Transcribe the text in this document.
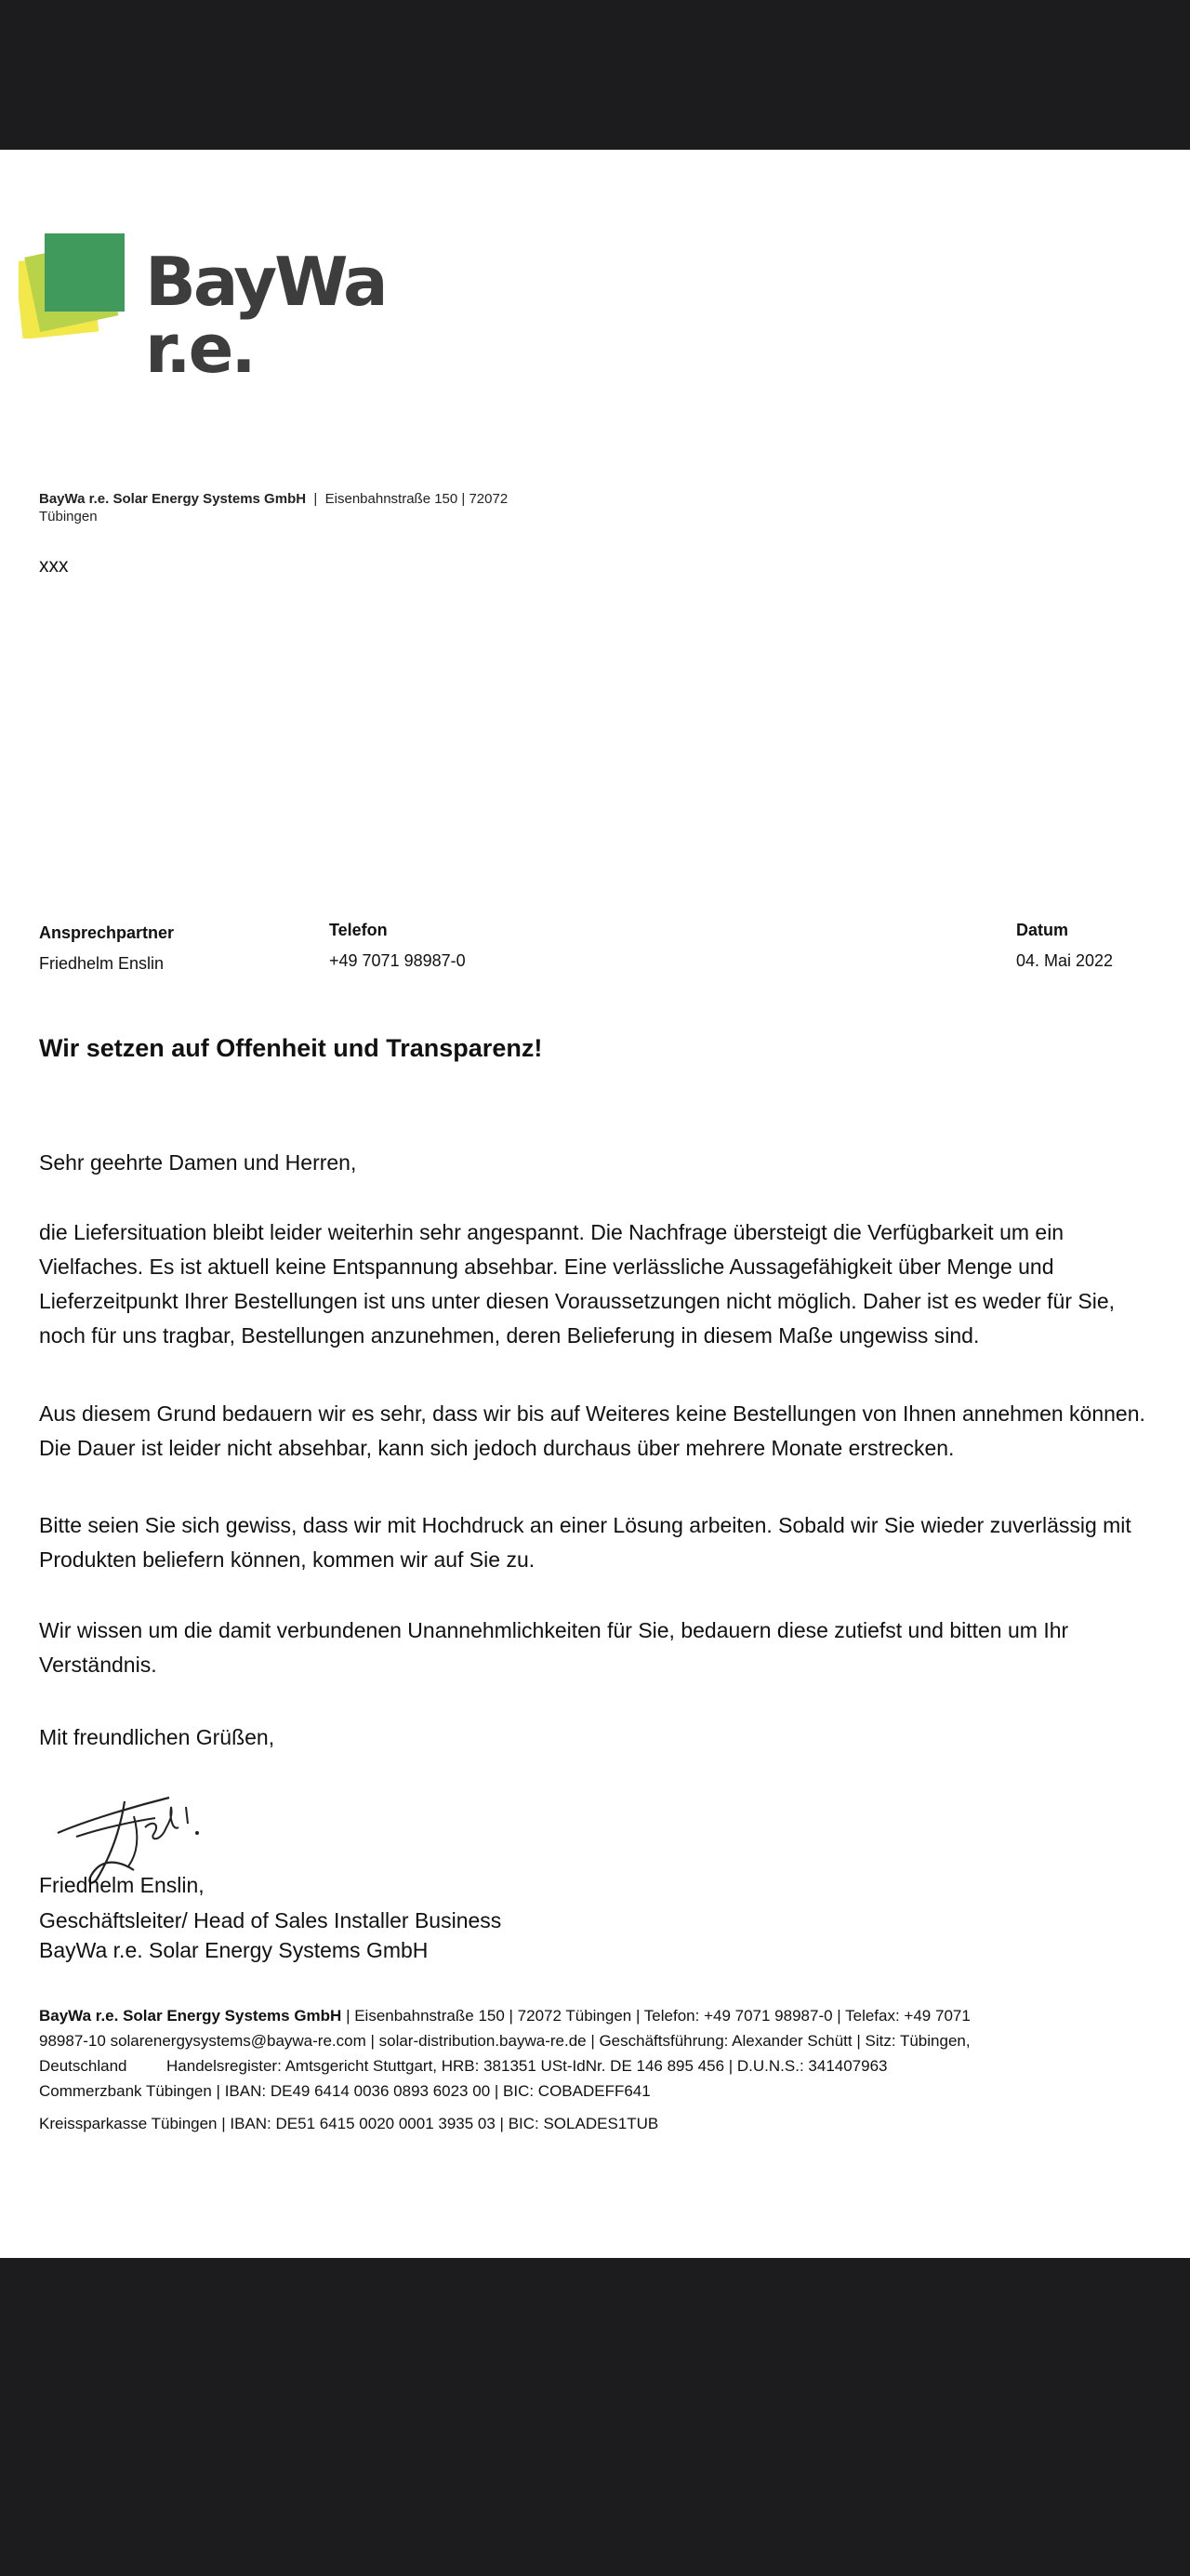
BayWa r.e.
BayWa r.e. Solar Energy Systems GmbH  |  Eisenbahnstraße 150 | 72072
Tübingen
xxx
Ansprechpartner
Friedhelm Enslin
Telefon
+49 7071 98987-0
Datum
04. Mai 2022
Wir setzen auf Offenheit und Transparenz!

Sehr geehrte Damen und Herren,

die Liefersituation bleibt leider weiterhin sehr angespannt. Die Nachfrage übersteigt die Verfügbarkeit um ein Vielfaches. Es ist aktuell keine Entspannung absehbar. Eine verlässliche Aussagefähigkeit über Menge und Lieferzeitpunkt Ihrer Bestellungen ist uns unter diesen Voraussetzungen nicht möglich. Daher ist es weder für Sie, noch für uns tragbar, Bestellungen anzunehmen, deren Belieferung in diesem Maße ungewiss sind.

Aus diesem Grund bedauern wir es sehr, dass wir bis auf Weiteres keine Bestellungen von Ihnen annehmen können. Die Dauer ist leider nicht absehbar, kann sich jedoch durchaus über mehrere Monate erstrecken.

Bitte seien Sie sich gewiss, dass wir mit Hochdruck an einer Lösung arbeiten. Sobald wir Sie wieder zuverlässig mit Produkten beliefern können, kommen wir auf Sie zu.

Wir wissen um die damit verbundenen Unannehmlichkeiten für Sie, bedauern diese zutiefst und bitten um Ihr Verständnis.

Mit freundlichen Grüßen,

Friedhelm Enslin,
Geschäftsleiter/ Head of Sales Installer Business
BayWa r.e. Solar Energy Systems GmbH
BayWa r.e. Solar Energy Systems GmbH | Eisenbahnstraße 150 | 72072 Tübingen | Telefon: +49 7071 98987-0 | Telefax: +49 7071
98987-10 solarenergysystems@baywa-re.com | solar-distribution.baywa-re.de | Geschäftsführung: Alexander Schütt | Sitz: Tübingen,
Deutschland         Handelsregister: Amtsgericht Stuttgart, HRB: 381351 USt-IdNr. DE 146 895 456 | D.U.N.S.: 341407963
Commerzbank Tübingen | IBAN: DE49 6414 0036 0893 6023 00 | BIC: COBADEFF641
Kreissparkasse Tübingen | IBAN: DE51 6415 0020 0001 3935 03 | BIC: SOLADES1TUB
